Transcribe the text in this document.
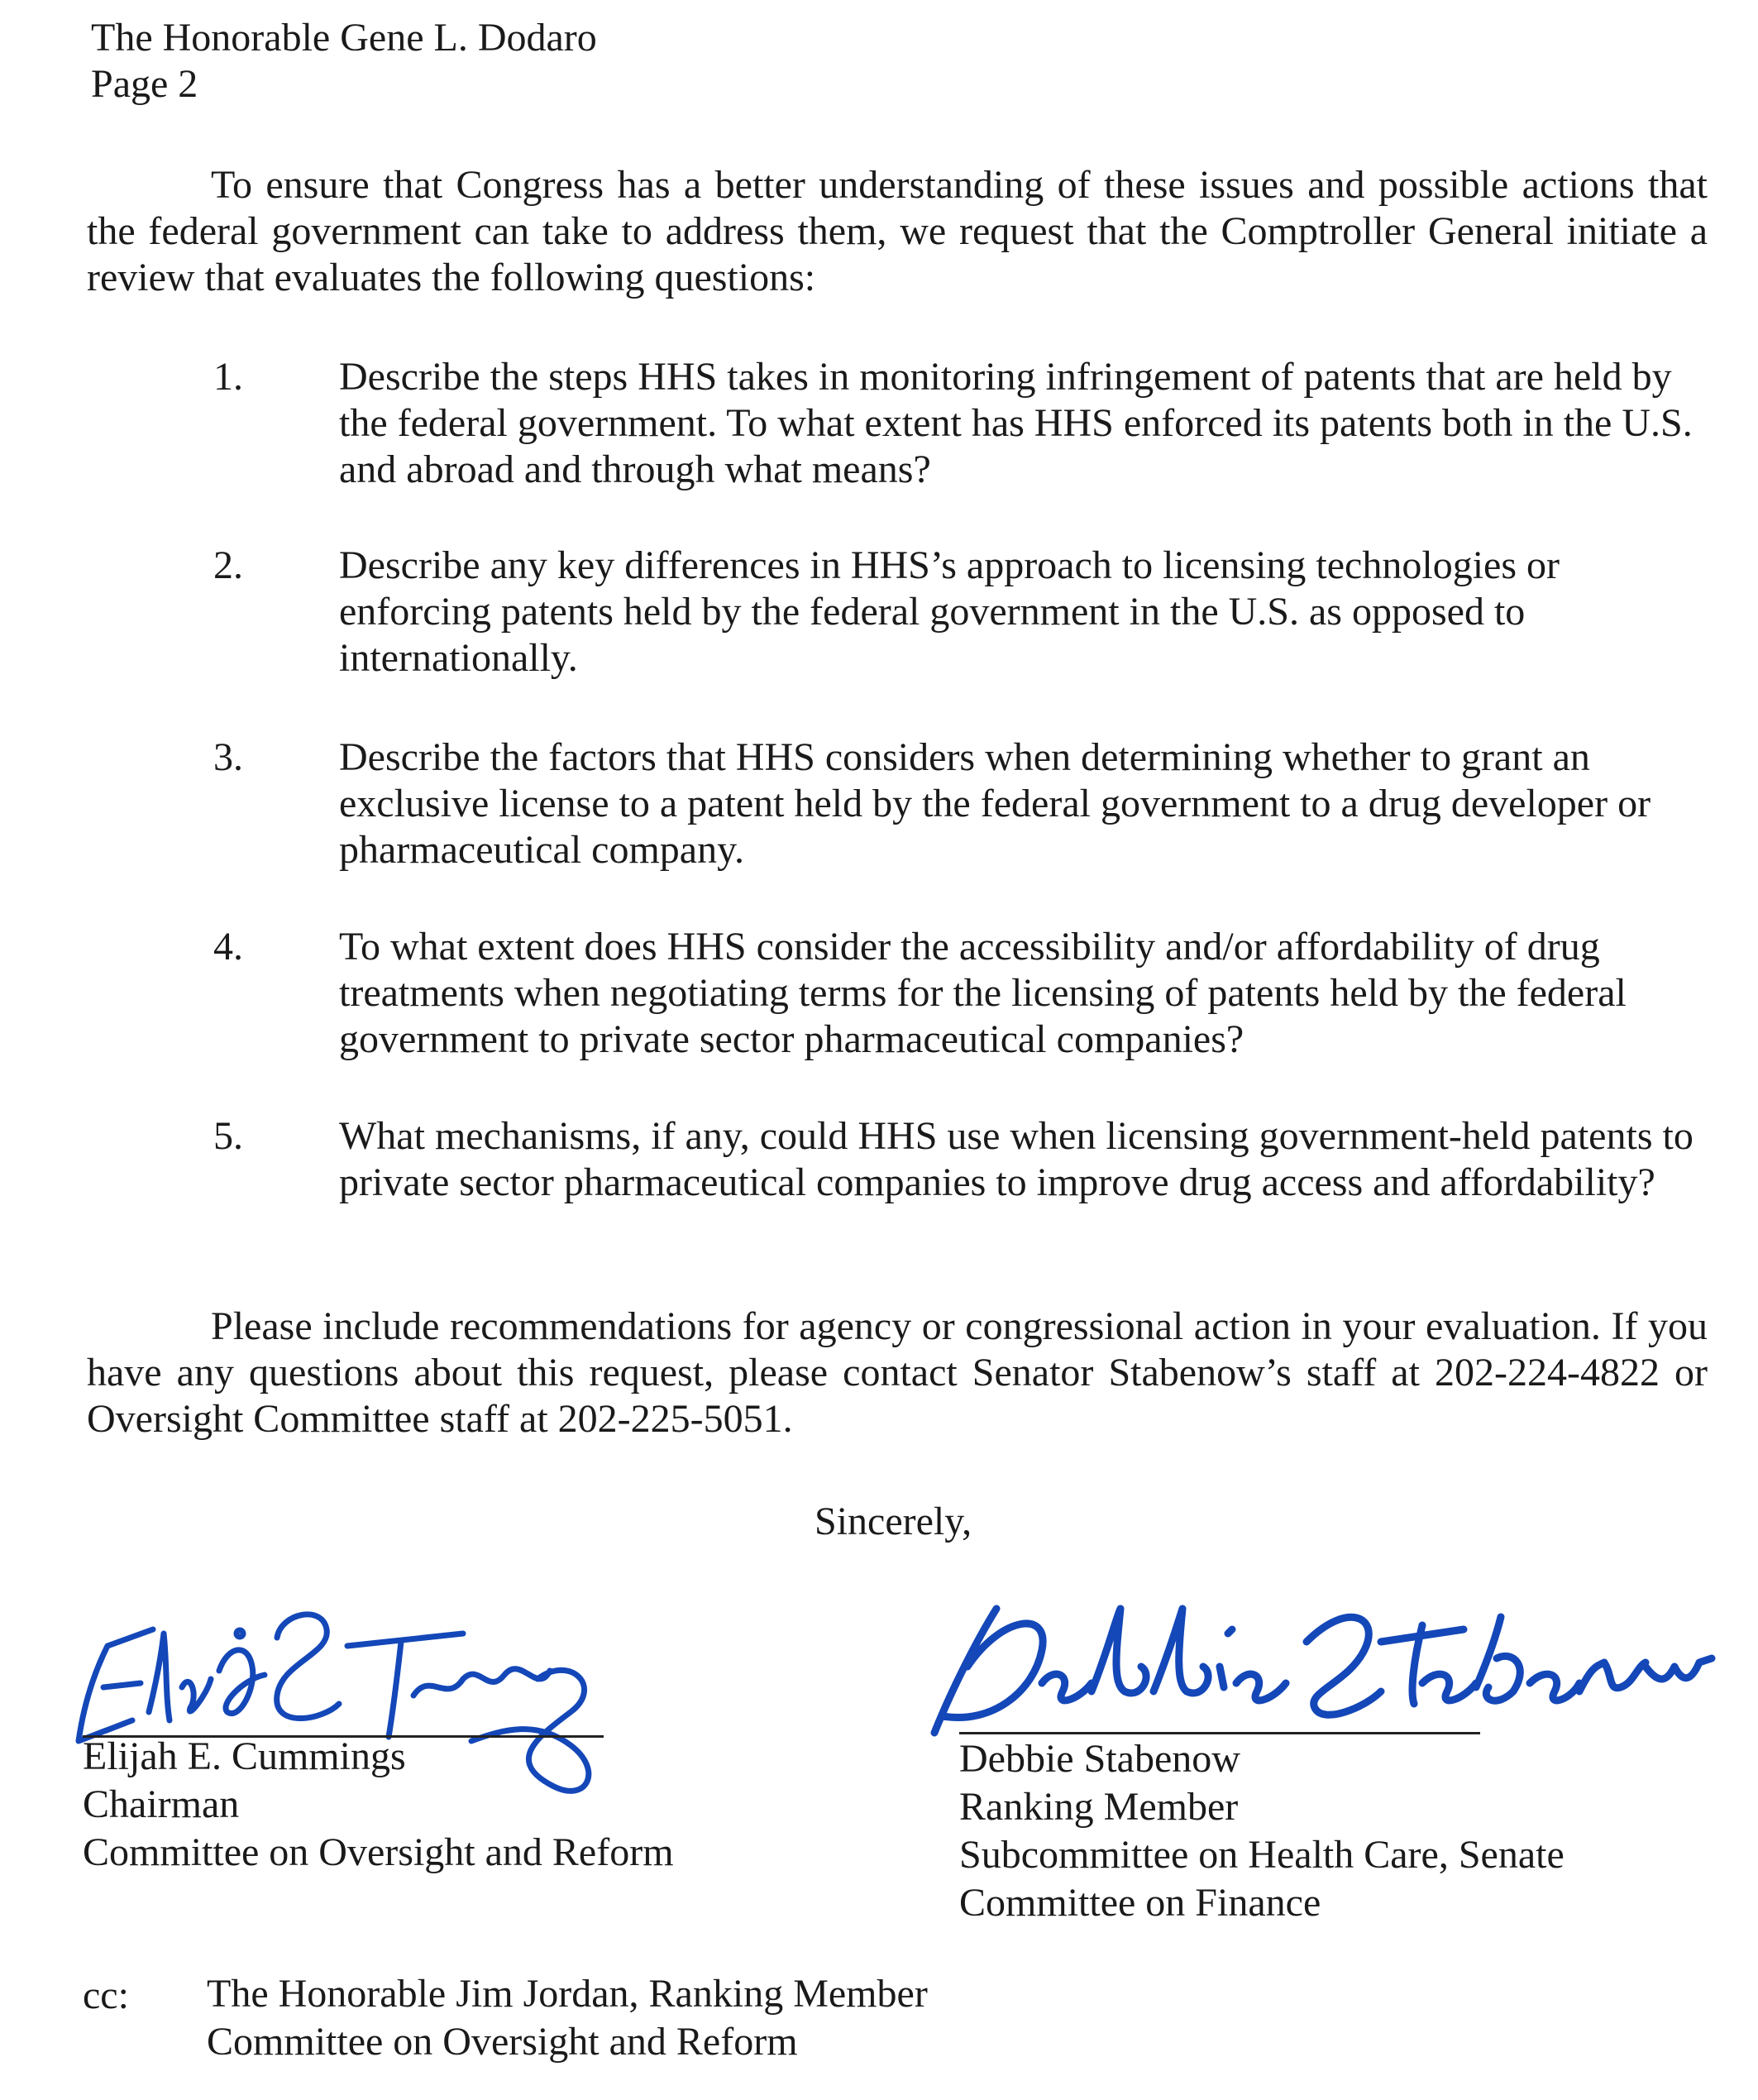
The Honorable Gene L. Dodaro
Page 2
To ensure that Congress has a better understanding of these issues and possible actions that the federal government can take to address them, we request that the Comptroller General initiate a review that evaluates the following questions:
1. Describe the steps HHS takes in monitoring infringement of patents that are held by the federal government. To what extent has HHS enforced its patents both in the U.S. and abroad and through what means?
2. Describe any key differences in HHS’s approach to licensing technologies or enforcing patents held by the federal government in the U.S. as opposed to internationally.
3. Describe the factors that HHS considers when determining whether to grant an exclusive license to a patent held by the federal government to a drug developer or pharmaceutical company.
4. To what extent does HHS consider the accessibility and/or affordability of drug treatments when negotiating terms for the licensing of patents held by the federal government to private sector pharmaceutical companies?
5. What mechanisms, if any, could HHS use when licensing government-held patents to private sector pharmaceutical companies to improve drug access and affordability?
Please include recommendations for agency or congressional action in your evaluation. If you have any questions about this request, please contact Senator Stabenow’s staff at 202-224-4822 or Oversight Committee staff at 202-225-5051.
Sincerely,
Elijah E. Cummings
Chairman
Committee on Oversight and Reform
Debbie Stabenow
Ranking Member
Subcommittee on Health Care, Senate
Committee on Finance
cc: The Honorable Jim Jordan, Ranking Member
Committee on Oversight and Reform
